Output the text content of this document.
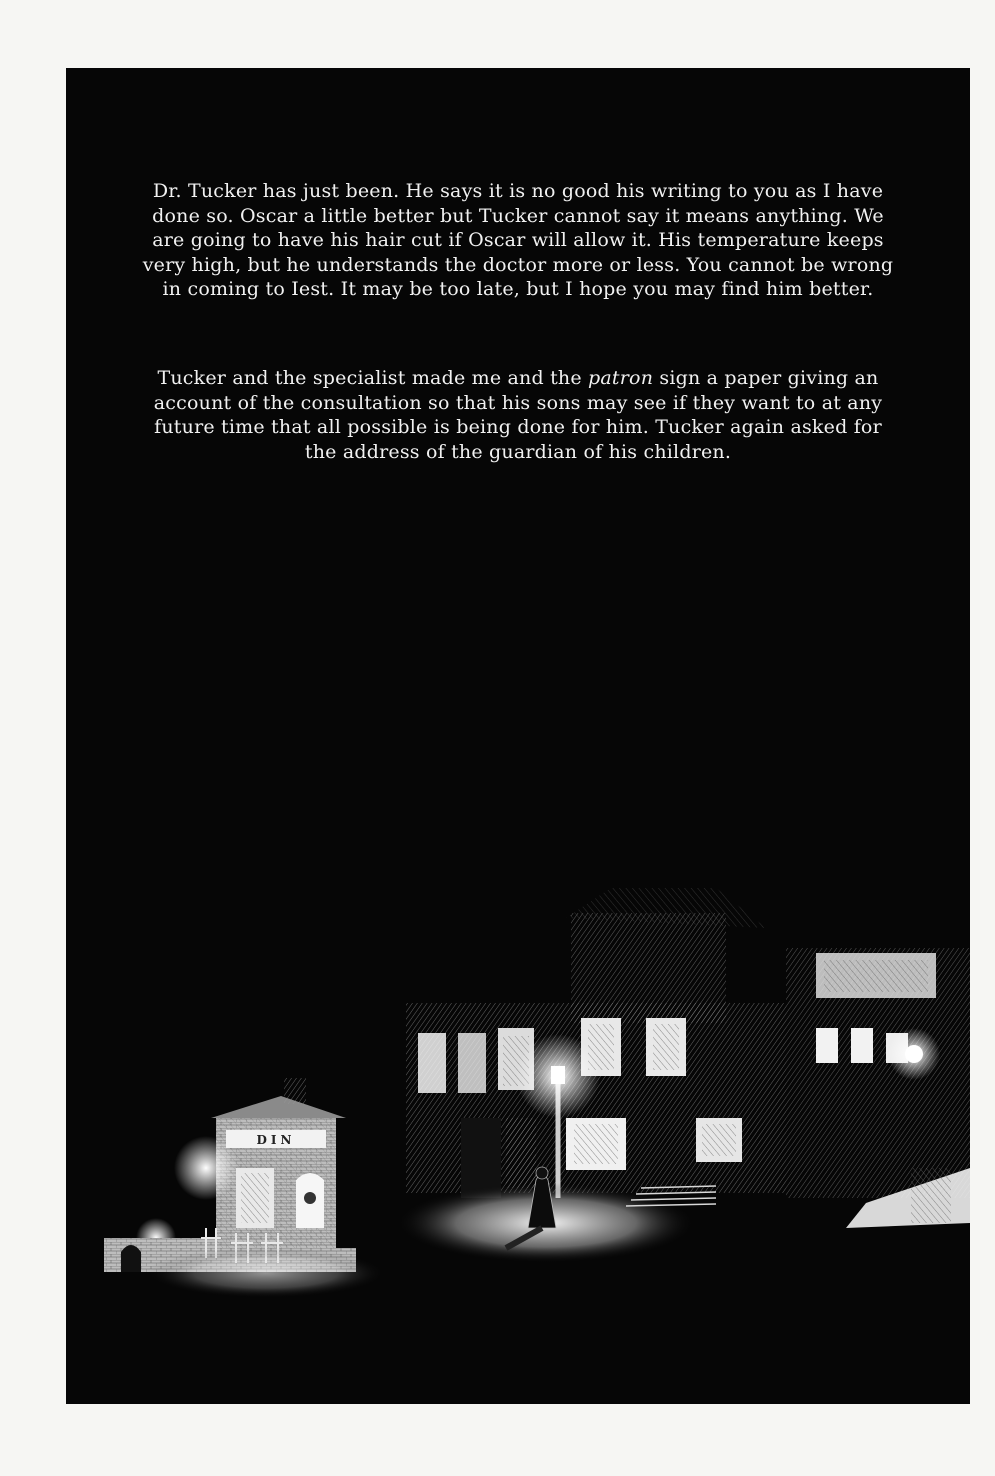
Dr. Tucker has just been. He says it is no good his writing to you as I have
done so. Oscar a little better but Tucker cannot say it means anything. We
are going to have his hair cut if Oscar will allow it. His temperature keeps
very high, but he understands the doctor more or less. You cannot be wrong
in coming to Iest. It may be too late, but I hope you may find him better.
Tucker and the specialist made me and the patron sign a paper giving an
account of the consultation so that his sons may see if they want to at any
future time that all possible is being done for him. Tucker again asked for
the address of the guardian of his children.
DIN
